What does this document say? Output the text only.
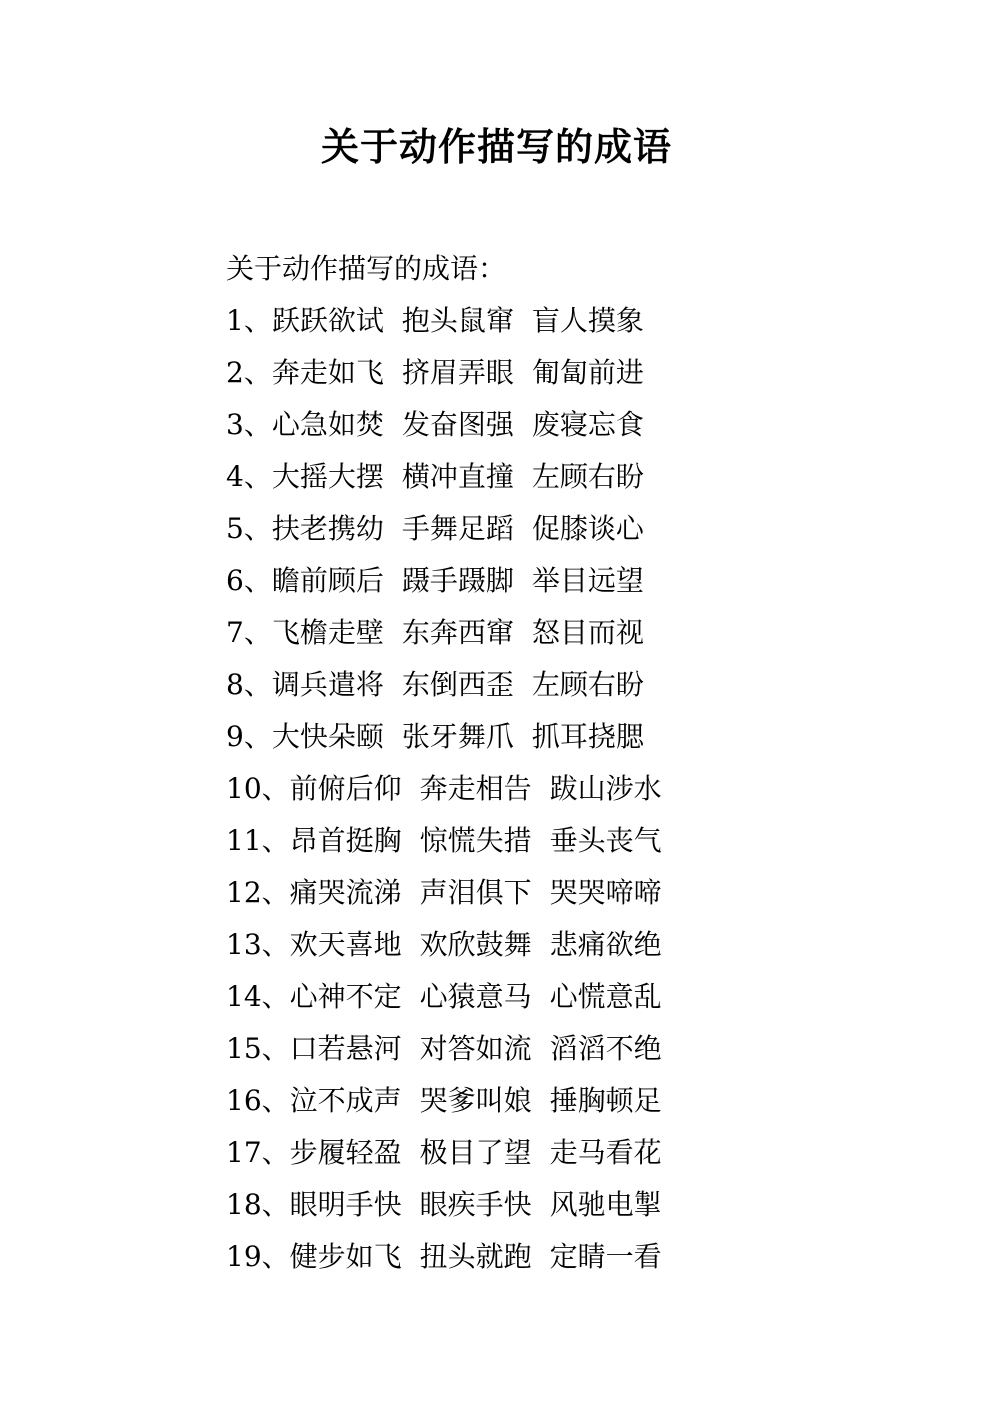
关于动作描写的成语
关于动作描写的成语：
1、跃跃欲试 抱头鼠窜 盲人摸象
2、奔走如飞 挤眉弄眼 匍匐前进
3、心急如焚 发奋图强 废寝忘食
4、大摇大摆 横冲直撞 左顾右盼
5、扶老携幼 手舞足蹈 促膝谈心
6、瞻前顾后 蹑手蹑脚 举目远望
7、飞檐走壁 东奔西窜 怒目而视
8、调兵遣将 东倒西歪 左顾右盼
9、大快朵颐 张牙舞爪 抓耳挠腮
10、前俯后仰 奔走相告 跋山涉水
11、昂首挺胸 惊慌失措 垂头丧气
12、痛哭流涕 声泪俱下 哭哭啼啼
13、欢天喜地 欢欣鼓舞 悲痛欲绝
14、心神不定 心猿意马 心慌意乱
15、口若悬河 对答如流 滔滔不绝
16、泣不成声 哭爹叫娘 捶胸顿足
17、步履轻盈 极目了望 走马看花
18、眼明手快 眼疾手快 风驰电掣
19、健步如飞 扭头就跑 定睛一看
